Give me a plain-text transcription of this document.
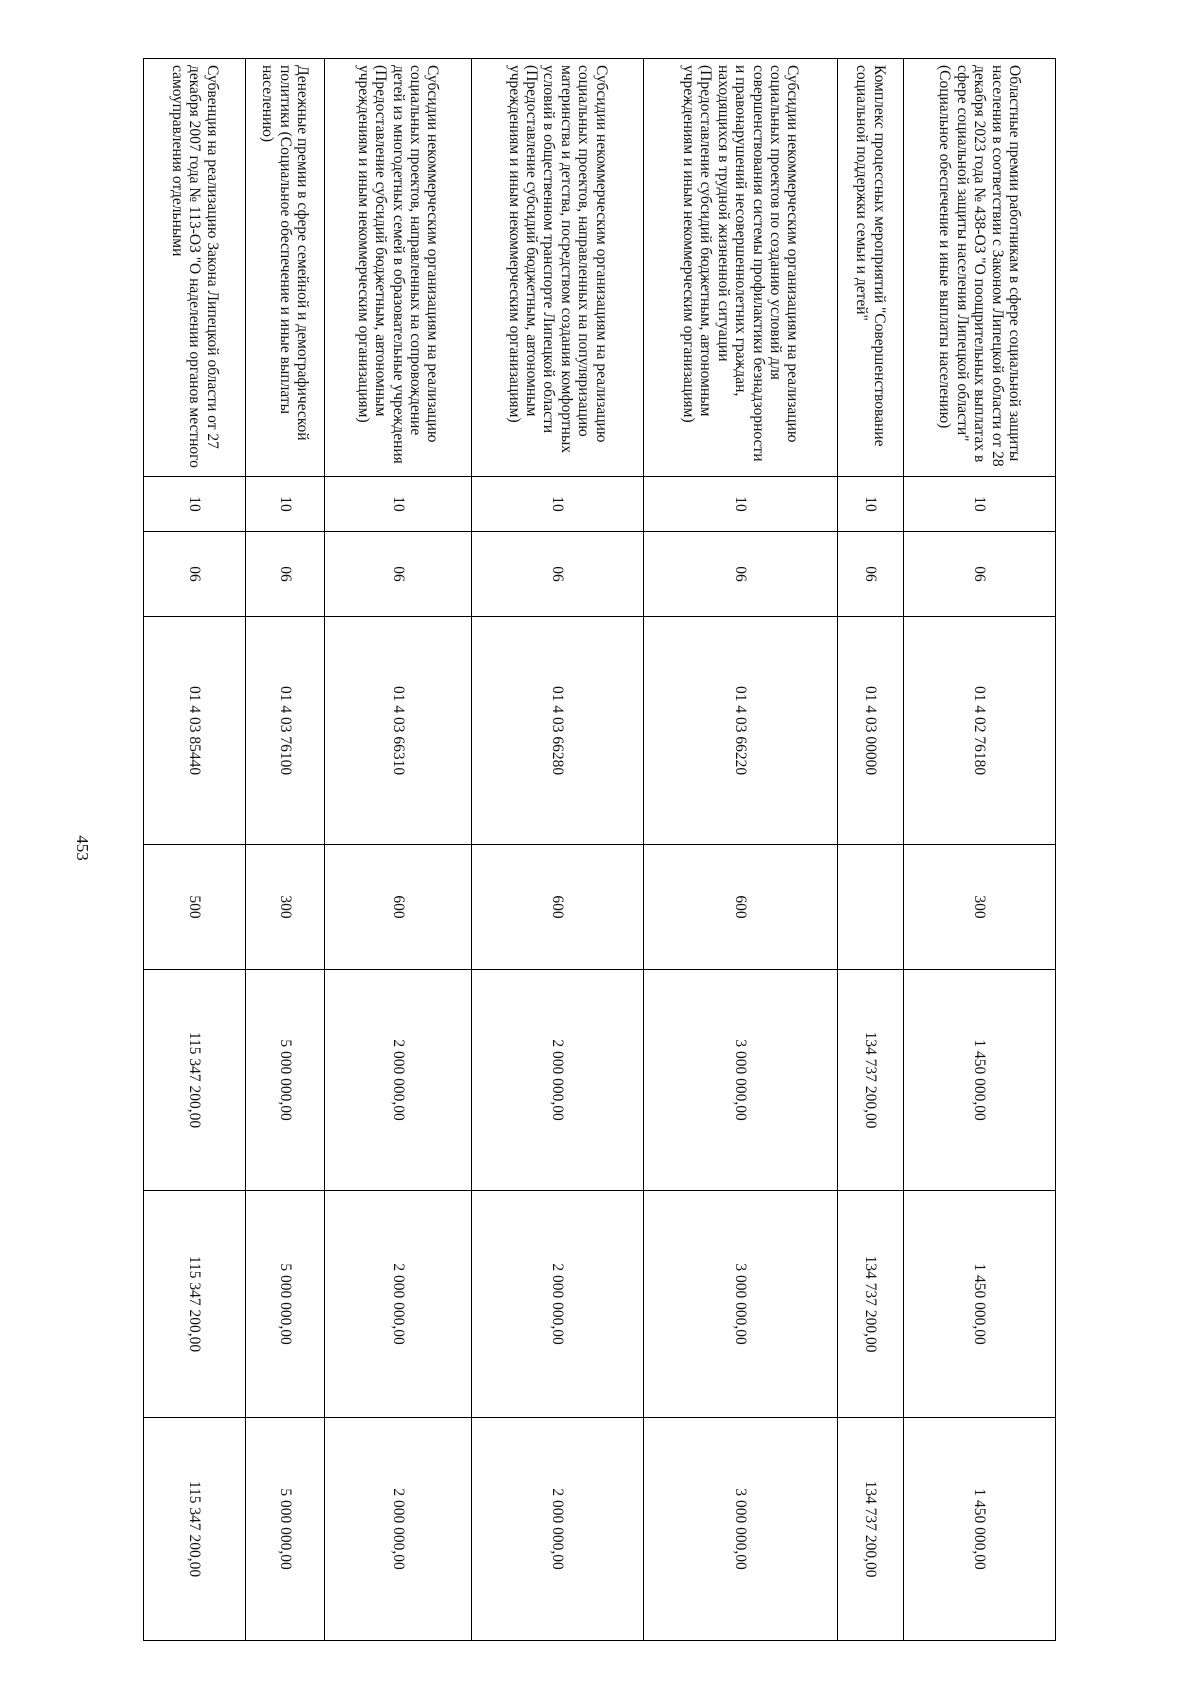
453
Областные премии работникам в сфере социальной защиты населения в соответствии с Законом Липецкой области от 28 декабря 2023 года № 438-ОЗ "О поощрительных выплатах в сфере социальной защиты населения Липецкой области" (Социальное обеспечение и иные выплаты населению)	10	06	01 4 02 76180	300	1 450 000,00	1 450 000,00	1 450 000,00
Комплекс процессных мероприятий "Совершенствование социальной поддержки семьи и детей"	10	06	01 4 03 00000		134 737 200,00	134 737 200,00	134 737 200,00
Субсидии некоммерческим организациям на реализацию социальных проектов по созданию условий для совершенствования системы профилактики безнадзорности и правонарушений несовершеннолетних граждан, находящихся в трудной жизненной ситуации (Предоставление субсидий бюджетным, автономным учреждениям и иным некоммерческим организациям)	10	06	01 4 03 66220	600	3 000 000,00	3 000 000,00	3 000 000,00
Субсидии некоммерческим организациям на реализацию социальных проектов, направленных на популяризацию материнства и детства, посредством создания комфортных условий в общественном транспорте Липецкой области (Предоставление субсидий бюджетным, автономным учреждениям и иным некоммерческим организациям)	10	06	01 4 03 66280	600	2 000 000,00	2 000 000,00	2 000 000,00
Субсидии некоммерческим организациям на реализацию социальных проектов, направленных на сопровождение детей из многодетных семей в образовательные учреждения (Предоставление субсидий бюджетным, автономным учреждениям и иным некоммерческим организациям)	10	06	01 4 03 66310	600	2 000 000,00	2 000 000,00	2 000 000,00
Денежные премии в сфере семейной и демографической политики (Социальное обеспечение и иные выплаты населению)	10	06	01 4 03 76100	300	5 000 000,00	5 000 000,00	5 000 000,00
Субвенция на реализацию Закона Липецкой области от 27 декабря 2007 года № 113-ОЗ "О наделении органов местного самоуправления отдельными	10	06	01 4 03 85440	500	115 347 200,00	115 347 200,00	115 347 200,00
